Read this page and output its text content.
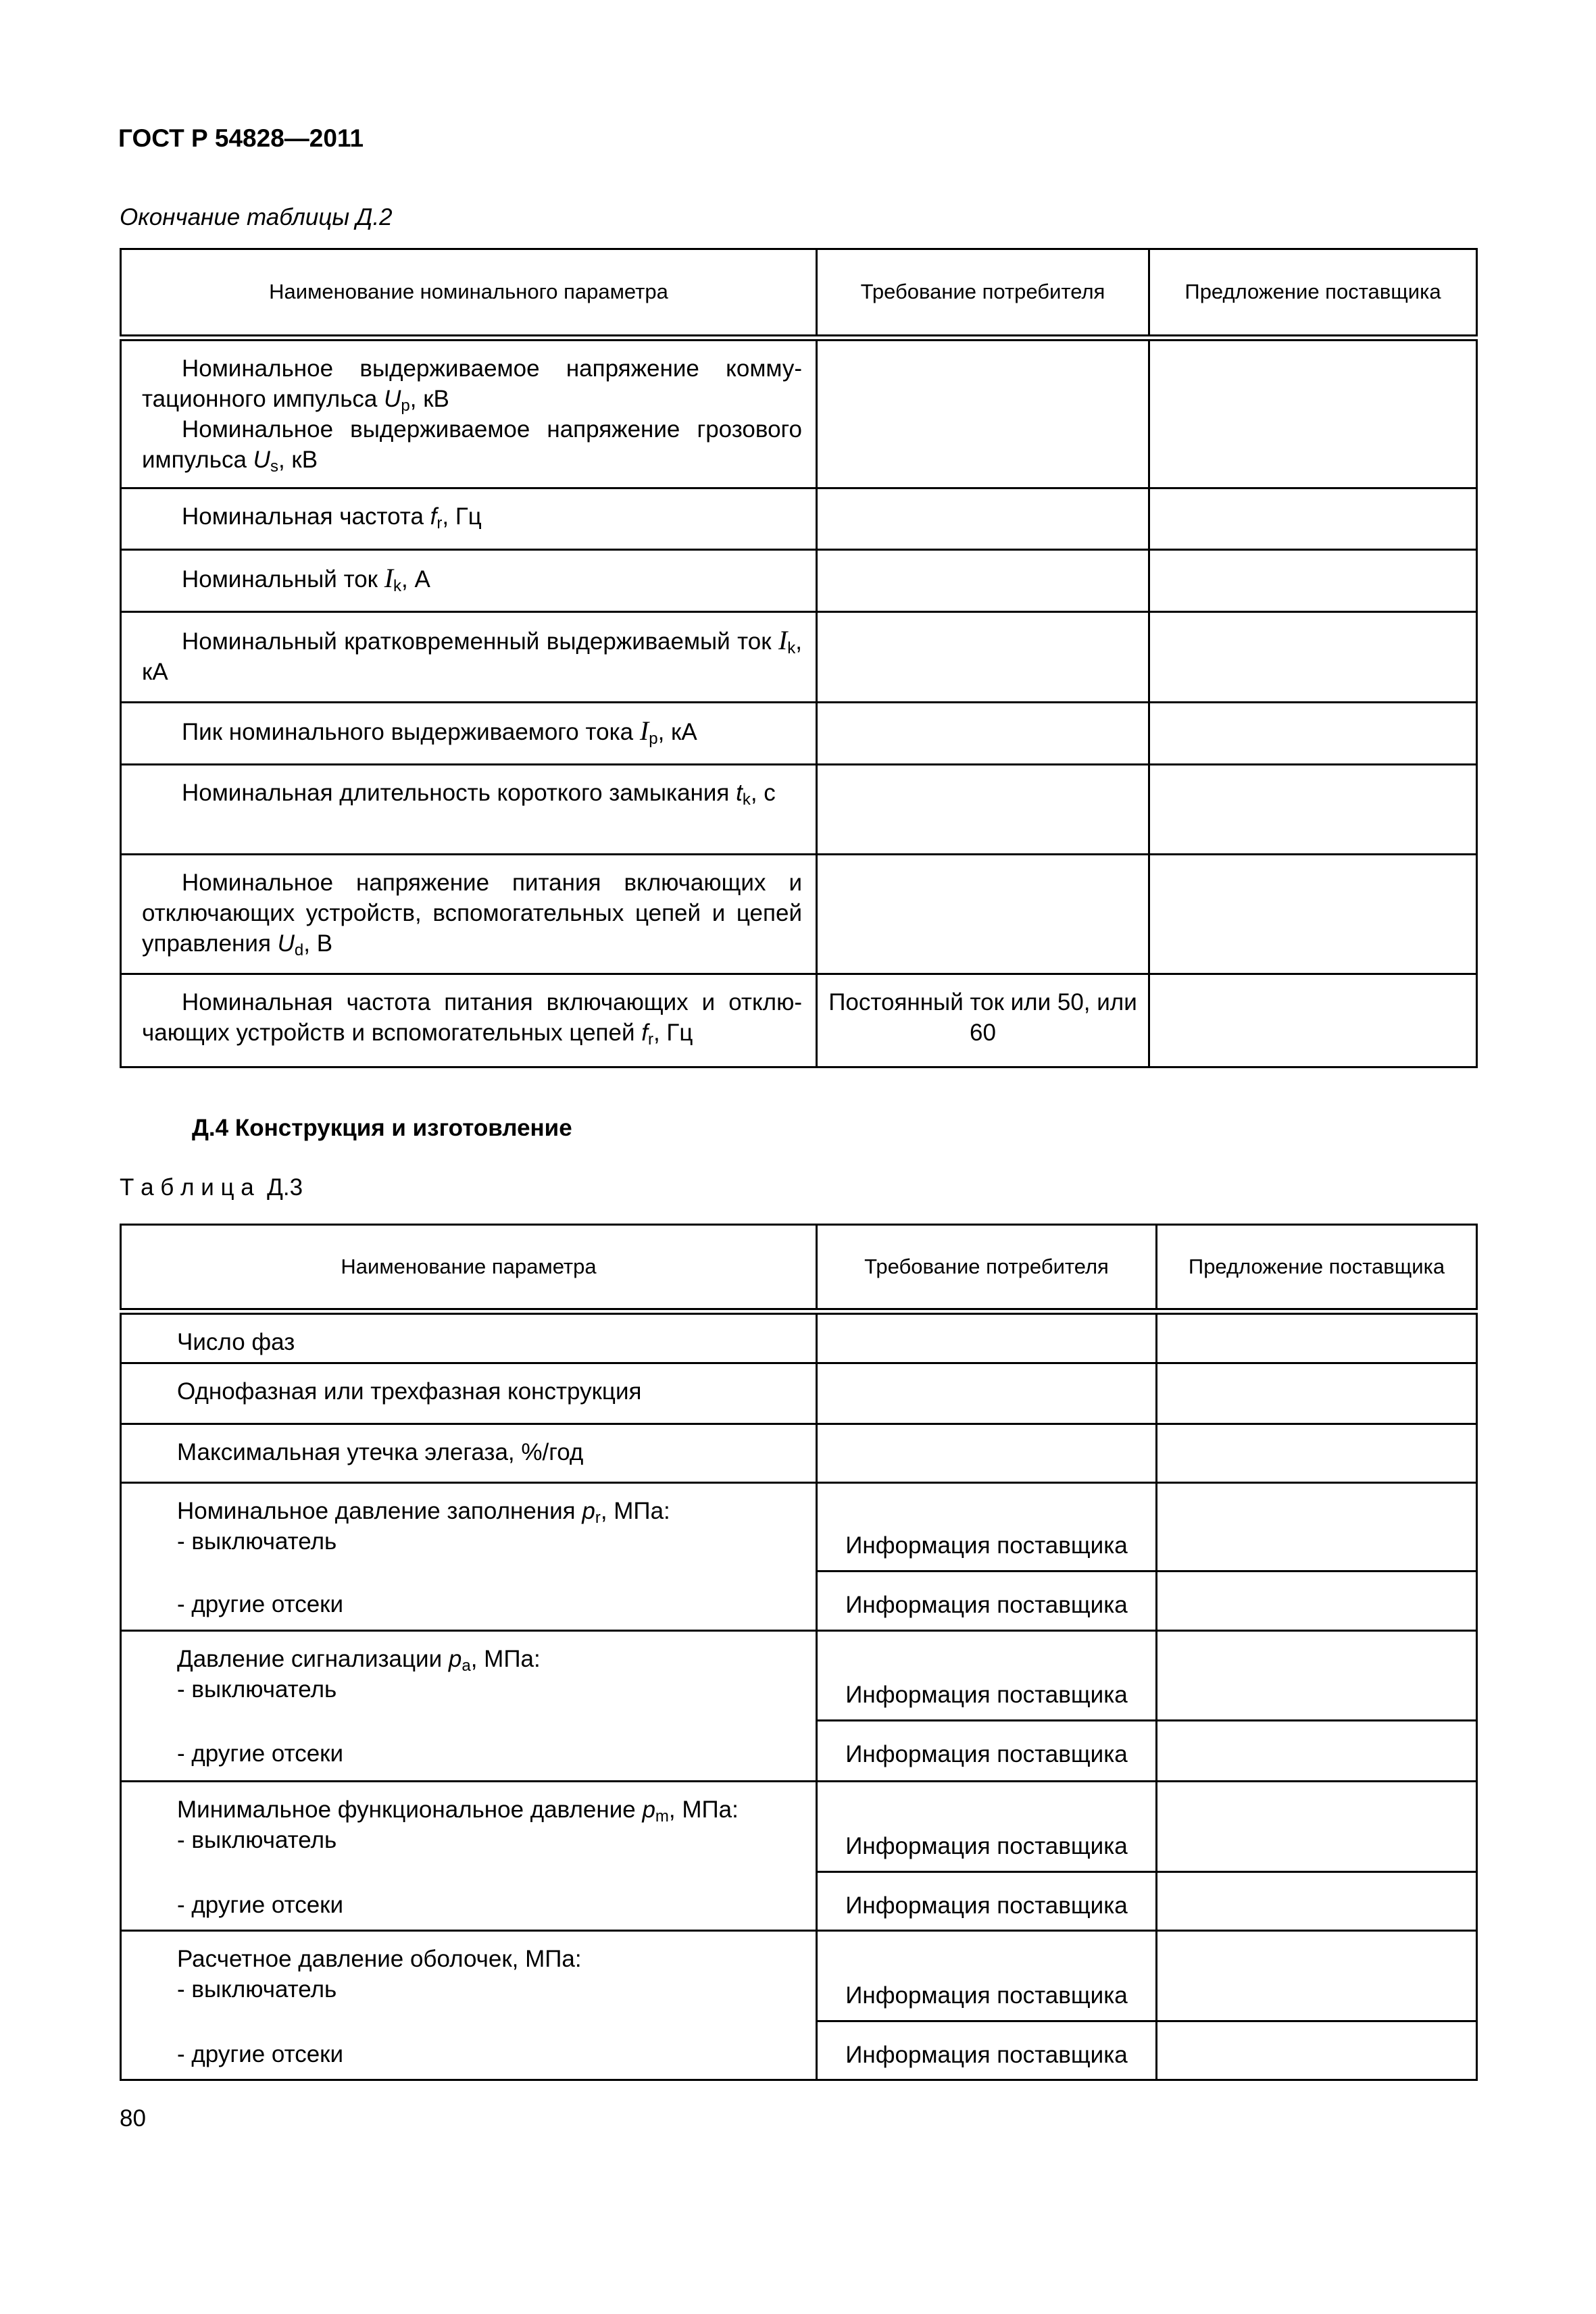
ГОСТ Р 54828—2011
Окончание таблицы Д.2
Наименование номинального параметра	Требование потребителя	Предложение поставщика

Номинальное выдерживаемое напряжение коммутационного импульса $U_p$, кВ

Номинальное выдерживаемое напряжение грозового импульса $U_s$, кВ		

Номинальная частота $f_r$, Гц		

Номинальный ток $I_k$, А		

Номинальный кратковременный выдерживаемый ток $I_k$, кА		

Пик номинального выдерживаемого тока $I_p$, кА		

Номинальная длительность короткого замыкания $t_k$, с		

Номинальное напряжение питания включающих и отключающих устройств, вспомогательных цепей и цепей управления $U_d$, В		

Номинальная частота питания включающих и отключающих устройств и вспомогательных цепей $f_r$, Гц	Постоянный ток или 50, или 60	
Д.4 Конструкция и изготовление
Т а б л и ц а  Д.3
Наименование параметра	Требование потребителя	Предложение поставщика

Число фаз		

Однофазная или трехфазная конструкция		

Максимальная утечка элегаза, %/год		

Номинальное давление заполнения $p_r$, МПа:

- выключатель	Информация поставщика	

- другие отсеки	Информация поставщика	

Давление сигнализации $p_a$, МПа:

- выключатель	Информация поставщика	

- другие отсеки	Информация поставщика	

Минимальное функциональное давление $p_m$, МПа:

- выключатель	Информация поставщика	

- другие отсеки	Информация поставщика	

Расчетное давление оболочек, МПа:

- выключатель	Информация поставщика	

- другие отсеки	Информация поставщика	
80
